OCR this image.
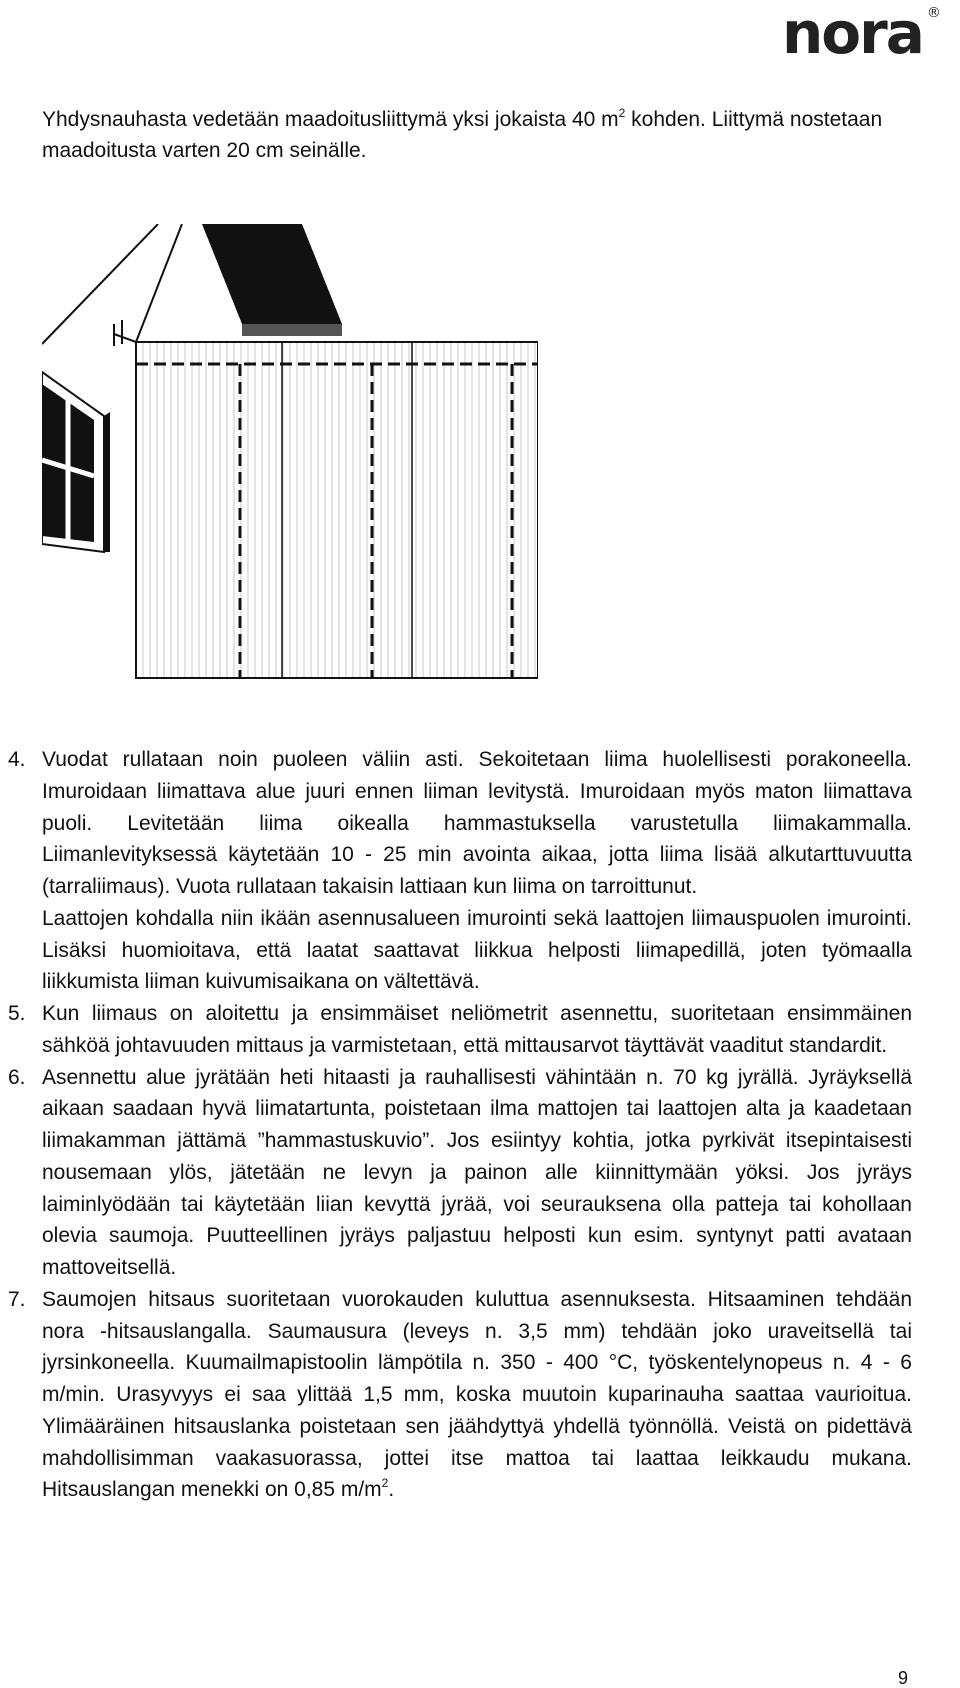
nora ®

Yhdysnauhasta vedetään maadoitusliittymä yksi jokaista 40 $m^2$ kohden. Liittymä nostetaan maadoitusta varten 20 cm seinälle.

4. Vuodat rullataan noin puoleen väliin asti. Sekoitetaan liima huolellisesti porakoneella. Imuroidaan liimattava alue juuri ennen liiman levitystä. Imuroidaan myös maton liimattava puoli. Levitetään liima oikealla hammastuksella varustetulla liimakammalla. Liimanlevityksessä käytetään 10 - 25 min avointa aikaa, jotta liima lisää alkutarttuvuutta (tarraliimaus). Vuota rullataan takaisin lattiaan kun liima on tarroittunut.

Laattojen kohdalla niin ikään asennusalueen imurointi sekä laattojen liimauspuolen imurointi. Lisäksi huomioitava, että laatat saattavat liikkua helposti liimapedillä, joten työmaalla liikkumista liiman kuivumisaikana on vältettävä.

5. Kun liimaus on aloitettu ja ensimmäiset neliömetrit asennettu, suoritetaan ensimmäinen sähköä johtavuuden mittaus ja varmistetaan, että mittausarvot täyttävät vaaditut standardit.

6. Asennettu alue jyrätään heti hitaasti ja rauhallisesti vähintään n. 70 kg jyrällä. Jyräyksellä aikaan saadaan hyvä liimatartunta, poistetaan ilma mattojen tai laattojen alta ja kaadetaan liimakamman jättämä ”hammastuskuvio”. Jos esiintyy kohtia, jotka pyrkivät itsepintaisesti nousemaan ylös, jätetään ne levyn ja painon alle kiinnittymään yöksi. Jos jyräys laiminlyödään tai käytetään liian kevyttä jyrää, voi seurauksena olla patteja tai kohollaan olevia saumoja. Puutteellinen jyräys paljastuu helposti kun esim. syntynyt patti avataan mattoveitsellä.

7. Saumojen hitsaus suoritetaan vuorokauden kuluttua asennuksesta. Hitsaaminen tehdään nora -hitsauslangalla. Saumausura (leveys n. 3,5 mm) tehdään joko uraveitsellä tai jyrsinkoneella. Kuumailmapistoolin lämpötila n. 350 - 400 °C, työskentelynopeus n. 4 - 6 m/min. Urasyvyys ei saa ylittää 1,5 mm, koska muutoin kuparinauha saattaa vaurioitua. Ylimääräinen hitsauslanka poistetaan sen jäähdyttyä yhdellä työnnöllä. Veistä on pidettävä mahdollisimman vaakasuorassa, jottei itse mattoa tai laattaa leikkaudu mukana. Hitsauslangan menekki on 0,85 $m/m^2$.

9
